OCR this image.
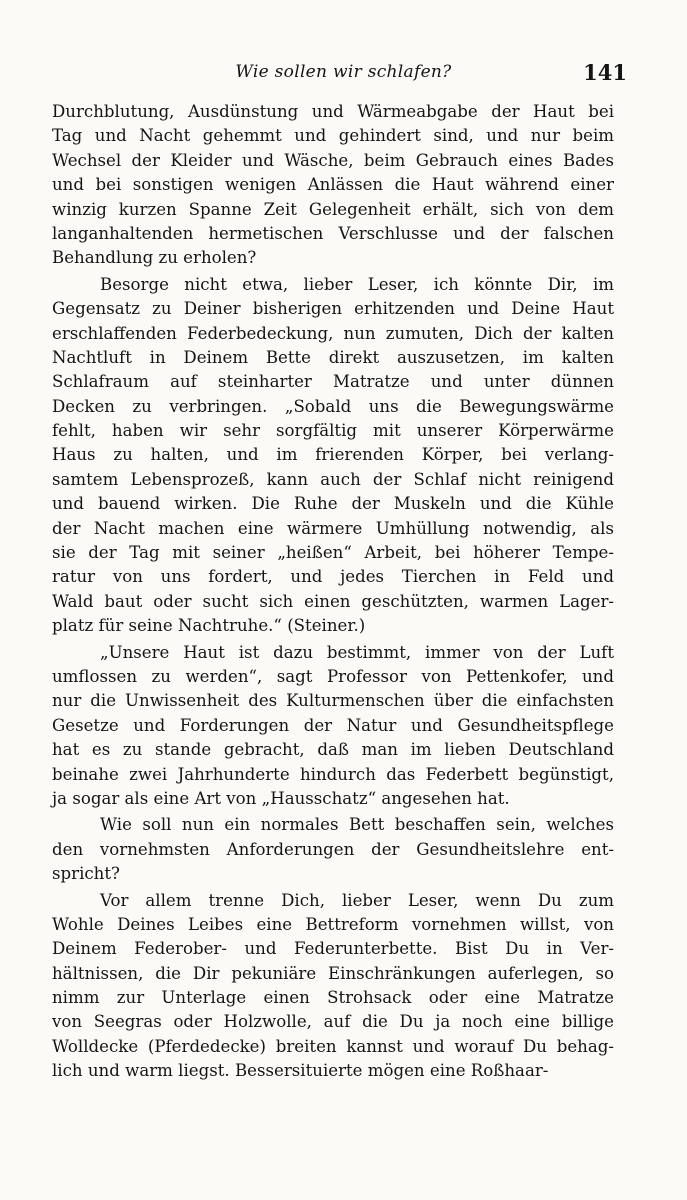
Wie sollen wir schlafen?	141
Durchblutung, Ausdünstung und Wärmeabgabe der Haut bei
Tag und Nacht gehemmt und gehindert sind, und nur beim
Wechsel der Kleider und Wäsche, beim Gebrauch eines Bades
und bei sonstigen wenigen Anlässen die Haut während einer
winzig kurzen Spanne Zeit Gelegenheit erhält, sich von dem
langanhaltenden hermetischen Verschlusse und der falschen
Behandlung zu erholen?
Besorge nicht etwa, lieber Leser, ich könnte Dir, im
Gegensatz zu Deiner bisherigen erhitzenden und Deine Haut
erschlaffenden Federbedeckung, nun zumuten, Dich der kalten
Nachtluft in Deinem Bette direkt auszusetzen, im kalten
Schlafraum auf steinharter Matratze und unter dünnen
Decken zu verbringen. „Sobald uns die Bewegungswärme
fehlt, haben wir sehr sorgfältig mit unserer Körperwärme
Haus zu halten, und im frierenden Körper, bei verlang-
samtem Lebensprozeß, kann auch der Schlaf nicht reinigend
und bauend wirken. Die Ruhe der Muskeln und die Kühle
der Nacht machen eine wärmere Umhüllung notwendig, als
sie der Tag mit seiner „heißen“ Arbeit, bei höherer Tempe-
ratur von uns fordert, und jedes Tierchen in Feld und
Wald baut oder sucht sich einen geschützten, warmen Lager-
platz für seine Nachtruhe.“ (Steiner.)
„Unsere Haut ist dazu bestimmt, immer von der Luft
umflossen zu werden“, sagt Professor von Pettenkofer, und
nur die Unwissenheit des Kulturmenschen über die einfachsten
Gesetze und Forderungen der Natur und Gesundheitspflege
hat es zu stande gebracht, daß man im lieben Deutschland
beinahe zwei Jahrhunderte hindurch das Federbett begünstigt,
ja sogar als eine Art von „Hausschatz“ angesehen hat.
Wie soll nun ein normales Bett beschaffen sein, welches
den vornehmsten Anforderungen der Gesundheitslehre ent-
spricht?
Vor allem trenne Dich, lieber Leser, wenn Du zum
Wohle Deines Leibes eine Bettreform vornehmen willst, von
Deinem Federober- und Federunterbette. Bist Du in Ver-
hältnissen, die Dir pekuniäre Einschränkungen auferlegen, so
nimm zur Unterlage einen Strohsack oder eine Matratze
von Seegras oder Holzwolle, auf die Du ja noch eine billige
Wolldecke (Pferdedecke) breiten kannst und worauf Du behag-
lich und warm liegst. Bessersituierte mögen eine Roßhaar-
